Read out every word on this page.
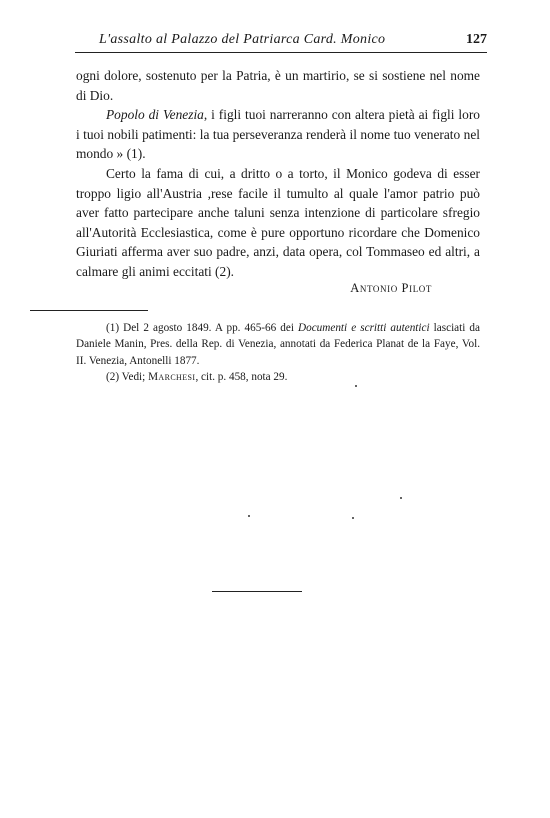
L'assalto al Palazzo del Patriarca Card. Monico	127

ogni dolore, sostenuto per la Patria, è un martirio, se si sostiene nel nome di Dio.

Popolo di Venezia, i figli tuoi narreranno con altera pietà ai figli loro i tuoi nobili patimenti: la tua perseveranza renderà il nome tuo venerato nel mondo » (1).

Certo la fama di cui, a dritto o a torto, il Monico godeva di esser troppo ligio all'Austria ,rese facile il tumulto al quale l'amor patrio può aver fatto partecipare anche taluni senza intenzione di particolare sfregio all'Autorità Ecclesiastica, come è pure opportuno ricordare che Domenico Giuriati afferma aver suo padre, anzi, data opera, col Tommaseo ed altri, a calmare gli animi eccitati (2).

Antonio Pilot

(1) Del 2 agosto 1849. A pp. 465-66 dei Documenti e scritti autentici lasciati da Daniele Manin, Pres. della Rep. di Venezia, annotati da Federica Planat de la Faye, Vol. II. Venezia, Antonelli 1877.

(2) Vedi; Marchesi, cit. p. 458, nota 29.
